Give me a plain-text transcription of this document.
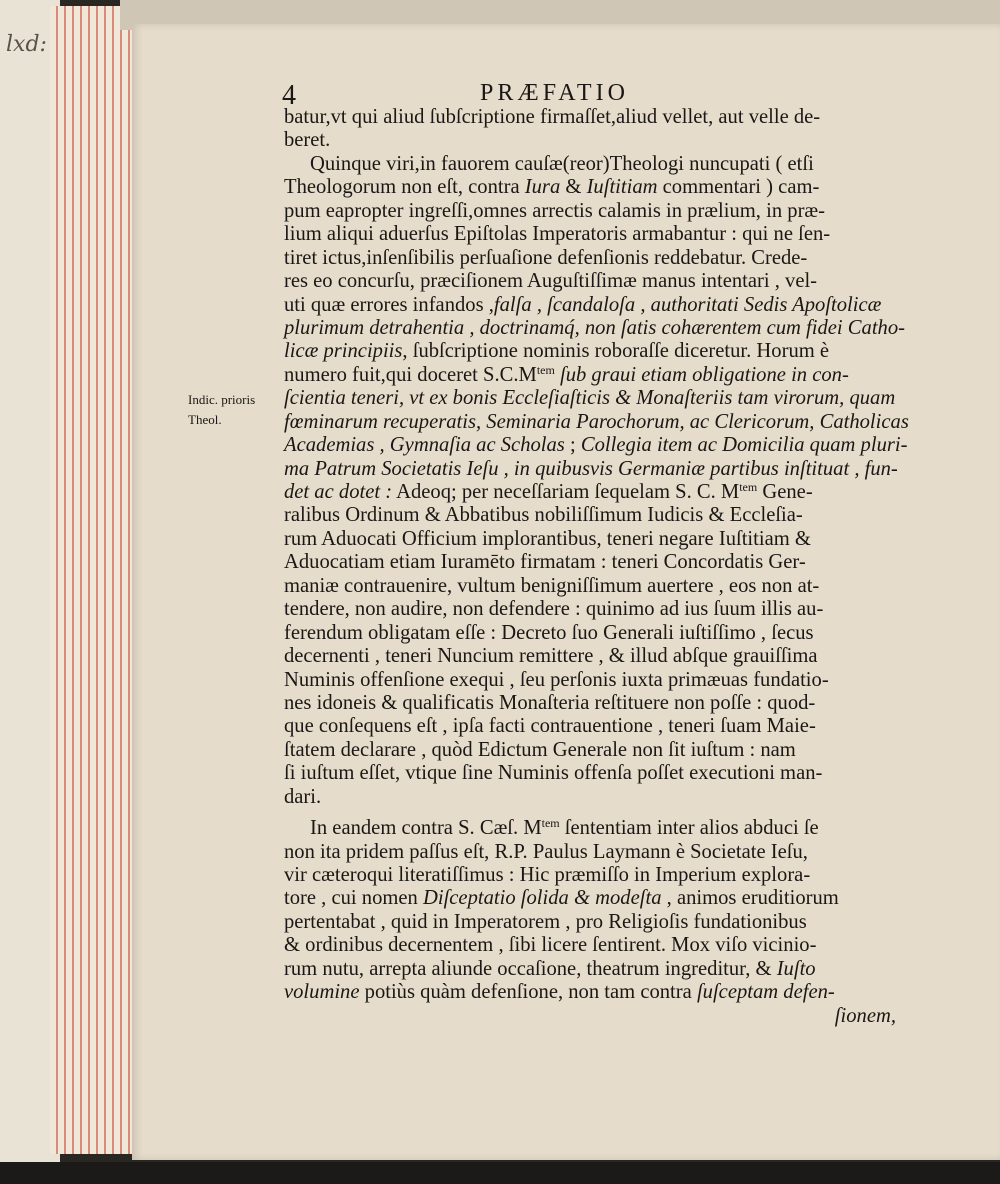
lxd:
4	PRÆFATIO
Indic. prioris
Theol.
batur,vt qui aliud ſubſcriptione firmaſſet,aliud vellet, aut velle de-
beret.
Quinque viri,in fauorem cauſæ(reor)Theologi nuncupati ( etſi
Theologorum non eſt, contra Iura & Iuſtitiam commentari ) cam-
pum eapropter ingreſſi,omnes arrectis calamis in prælium, in præ-
lium aliqui aduerſus Epiſtolas Imperatoris armabantur : qui ne ſen-
tiret ictus,inſenſibilis perſuaſione defenſionis reddebatur. Crede-
res eo concurſu, præciſionem Auguſtiſſimæ manus intentari , vel-
uti quæ errores infandos ,falſa , ſcandaloſa , authoritati Sedis Apoſtolicæ
plurimum detrahentia , doctrinamq́, non ſatis cohærentem cum fidei Catho-
licæ principiis, ſubſcriptione nominis roboraſſe diceretur. Horum è
numero fuit,qui doceret $S.C.M^{tem}$ ſub graui etiam obligatione in con-
ſcientia teneri, vt ex bonis Eccleſiaſticis & Monaſteriis tam virorum, quam
fœminarum recuperatis, Seminaria Parochorum, ac Clericorum, Catholicas
Academias , Gymnaſia ac Scholas ; Collegia item ac Domicilia quam pluri-
ma Patrum Societatis Ieſu , in quibusvis Germaniæ partibus inſtituat , fun-
det ac dotet : Adeoq; per neceſſariam ſequelam S. C. $M^{tem}$ Gene-
ralibus Ordinum & Abbatibus nobiliſſimum Iudicis & Eccleſia-
rum Aduocati Officium implorantibus, teneri negare Iuſtitiam &
Aduocatiam etiam Iuramēto firmatam : teneri Concordatis Ger-
maniæ contrauenire, vultum benigniſſimum auertere , eos non at-
tendere, non audire, non defendere : quinimo ad ius ſuum illis au-
ferendum obligatam eſſe : Decreto ſuo Generali iuſtiſſimo , ſecus
decernenti , teneri Nuncium remittere , & illud abſque grauiſſima
Numinis offenſione exequi , ſeu perſonis iuxta primæuas fundatio-
nes idoneis & qualificatis Monaſteria reſtituere non poſſe : quod-
que conſequens eſt , ipſa facti contrauentione , teneri ſuam Maie-
ſtatem declarare , quòd Edictum Generale non ſit iuſtum : nam
ſi iuſtum eſſet, vtique ſine Numinis offenſa poſſet executioni man-
dari.
In eandem contra S. Cæſ. $M^{tem}$ ſententiam inter alios abduci ſe
non ita pridem paſſus eſt, R.P. Paulus Laymann è Societate Ieſu,
vir cæteroqui literatiſſimus : Hic præmiſſo in Imperium explora-
tore , cui nomen Diſceptatio ſolida & modeſta , animos eruditiorum
pertentabat , quid in Imperatorem , pro Religioſis fundationibus
& ordinibus decernentem , ſibi licere ſentirent. Mox viſo vicinio-
rum nutu, arrepta aliunde occaſione, theatrum ingreditur, & Iuſto
volumine potiùs quàm defenſione, non tam contra ſuſceptam defen-
ſionem,
